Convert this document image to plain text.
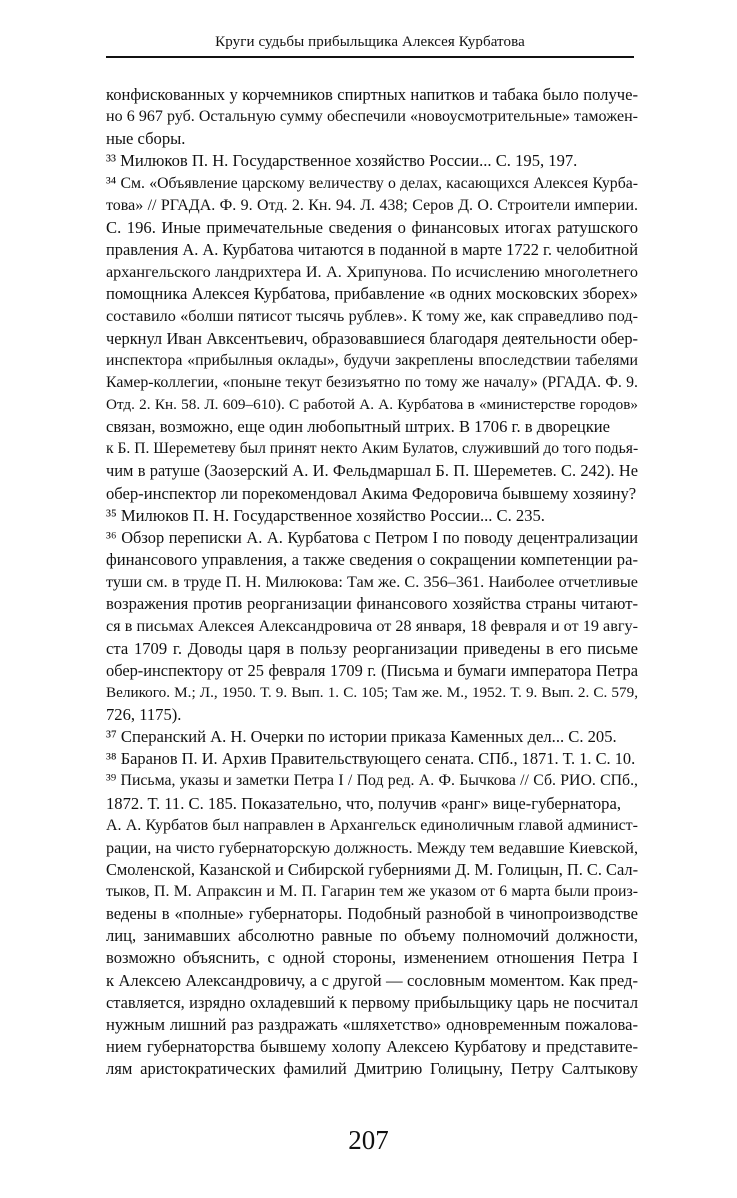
Круги судьбы прибыльщика Алексея Курбатова
конфискованных у корчемников спиртных напитков и табака было получе-
но 6 967 руб. Остальную сумму обеспечили «новоусмотрительные» таможен-
ные сборы.
³³ Милюков П. Н. Государственное хозяйство России... С. 195, 197.
³⁴ См. «Объявление царскому величеству о делах, касающихся Алексея Курба-
това» // РГАДА. Ф. 9. Отд. 2. Кн. 94. Л. 438; Серов Д. О. Строители империи.
С. 196. Иные примечательные сведения о финансовых итогах ратушского
правления А. А. Курбатова читаются в поданной в марте 1722 г. челобитной
архангельского ландрихтера И. А. Хрипунова. По исчислению многолетнего
помощника Алексея Курбатова, прибавление «в одних московских зборех»
составило «болши пятисот тысячь рублев». К тому же, как справедливо под-
черкнул Иван Авксентьевич, образовавшиеся благодаря деятельности обер-
инспектора «прибылныя оклады», будучи закреплены впоследствии табелями
Камер-коллегии, «поныне текут безизъятно по тому же началу» (РГАДА. Ф. 9.
Отд. 2. Кн. 58. Л. 609–610). С работой А. А. Курбатова в «министерстве городов»
связан, возможно, еще один любопытный штрих. В 1706 г. в дворецкие
к Б. П. Шереметеву был принят некто Аким Булатов, служивший до того подья-
чим в ратуше (Заозерский А. И. Фельдмаршал Б. П. Шереметев. С. 242). Не
обер-инспектор ли порекомендовал Акима Федоровича бывшему хозяину?
³⁵ Милюков П. Н. Государственное хозяйство России... С. 235.
³⁶ Обзор переписки А. А. Курбатова с Петром I по поводу децентрализации
финансового управления, а также сведения о сокращении компетенции ра-
туши см. в труде П. Н. Милюкова: Там же. С. 356–361. Наиболее отчетливые
возражения против реорганизации финансового хозяйства страны читают-
ся в письмах Алексея Александровича от 28 января, 18 февраля и от 19 авгу-
ста 1709 г. Доводы царя в пользу реорганизации приведены в его письме
обер-инспектору от 25 февраля 1709 г. (Письма и бумаги императора Петра
Великого. М.; Л., 1950. Т. 9. Вып. 1. С. 105; Там же. М., 1952. Т. 9. Вып. 2. С. 579,
726, 1175).
³⁷ Сперанский А. Н. Очерки по истории приказа Каменных дел... С. 205.
³⁸ Баранов П. И. Архив Правительствующего сената. СПб., 1871. Т. 1. С. 10.
³⁹ Письма, указы и заметки Петра I / Под ред. А. Ф. Бычкова // Сб. РИО. СПб.,
1872. Т. 11. С. 185. Показательно, что, получив «ранг» вице-губернатора,
А. А. Курбатов был направлен в Архангельск единоличным главой админист-
рации, на чисто губернаторскую должность. Между тем ведавшие Киевской,
Смоленской, Казанской и Сибирской губерниями Д. М. Голицын, П. С. Сал-
тыков, П. М. Апраксин и М. П. Гагарин тем же указом от 6 марта были произ-
ведены в «полные» губернаторы. Подобный разнобой в чинопроизводстве
лиц, занимавших абсолютно равные по объему полномочий должности,
возможно объяснить, с одной стороны, изменением отношения Петра I
к Алексею Александровичу, а с другой — сословным моментом. Как пред-
ставляется, изрядно охладевший к первому прибыльщику царь не посчитал
нужным лишний раз раздражать «шляхетство» одновременным пожалова-
нием губернаторства бывшему холопу Алексею Курбатову и представите-
лям аристократических фамилий Дмитрию Голицыну, Петру Салтыкову
207
